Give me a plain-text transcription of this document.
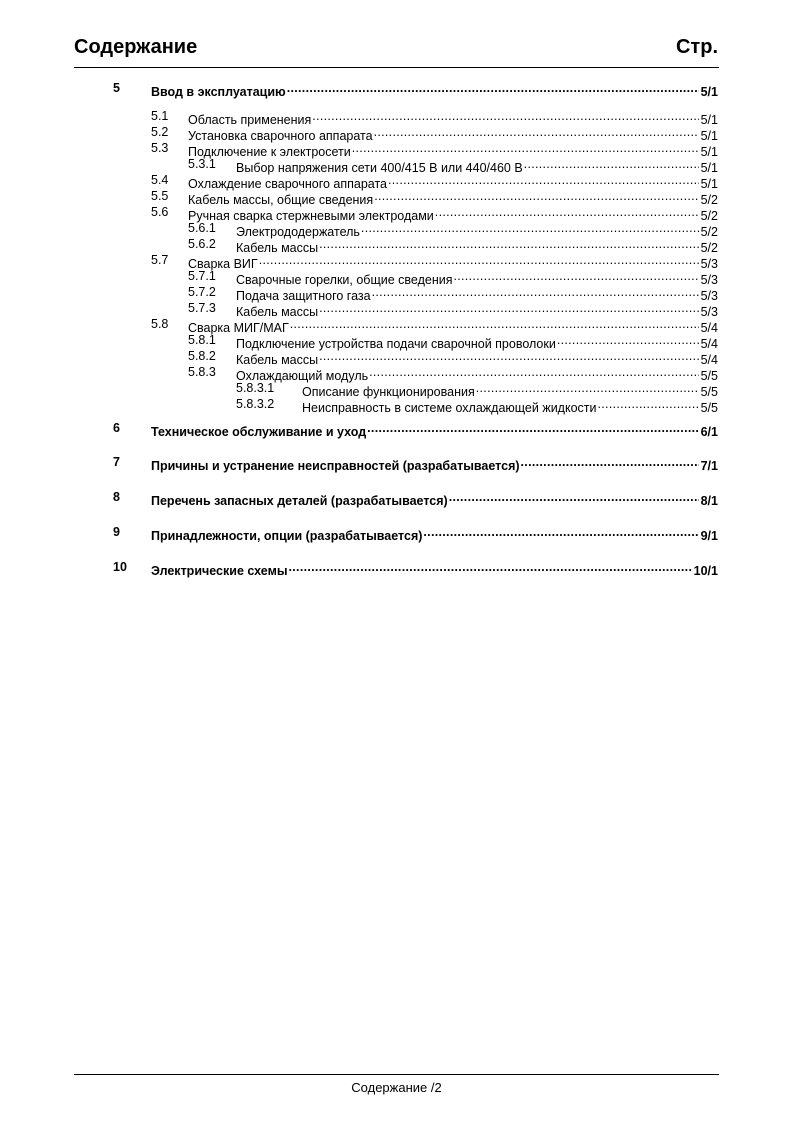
Содержание	Стр.
5 Ввод в эксплуатацию .....	5/1
5.1 Область применения .....	5/1
5.2 Установка сварочного аппарата .....	5/1
5.3 Подключение к электросети .....	5/1
5.3.1 Выбор напряжения сети 400/415 В или 440/460 В .....	5/1
5.4 Охлаждение сварочного аппарата .....	5/1
5.5 Кабель массы, общие сведения .....	5/2
5.6 Ручная сварка стержневыми электродами .....	5/2
5.6.1 Электрододержатель .....	5/2
5.6.2 Кабель массы .....	5/2
5.7 Сварка ВИГ .....	5/3
5.7.1 Сварочные горелки, общие сведения .....	5/3
5.7.2 Подача защитного газа .....	5/3
5.7.3 Кабель массы .....	5/3
5.8 Сварка МИГ/МАГ .....	5/4
5.8.1 Подключение устройства подачи сварочной проволоки .....	5/4
5.8.2 Кабель массы .....	5/4
5.8.3 Охлаждающий модуль .....	5/5
5.8.3.1 Описание функционирования .....	5/5
5.8.3.2 Неисправность в системе охлаждающей жидкости .....	5/5
6 Техническое обслуживание и уход .....	6/1
7 Причины и устранение неисправностей (разрабатывается) .....	7/1
8 Перечень запасных деталей (разрабатывается) .....	8/1
9 Принадлежности, опции (разрабатывается) .....	9/1
10 Электрические схемы .....	10/1
Содержание /2
